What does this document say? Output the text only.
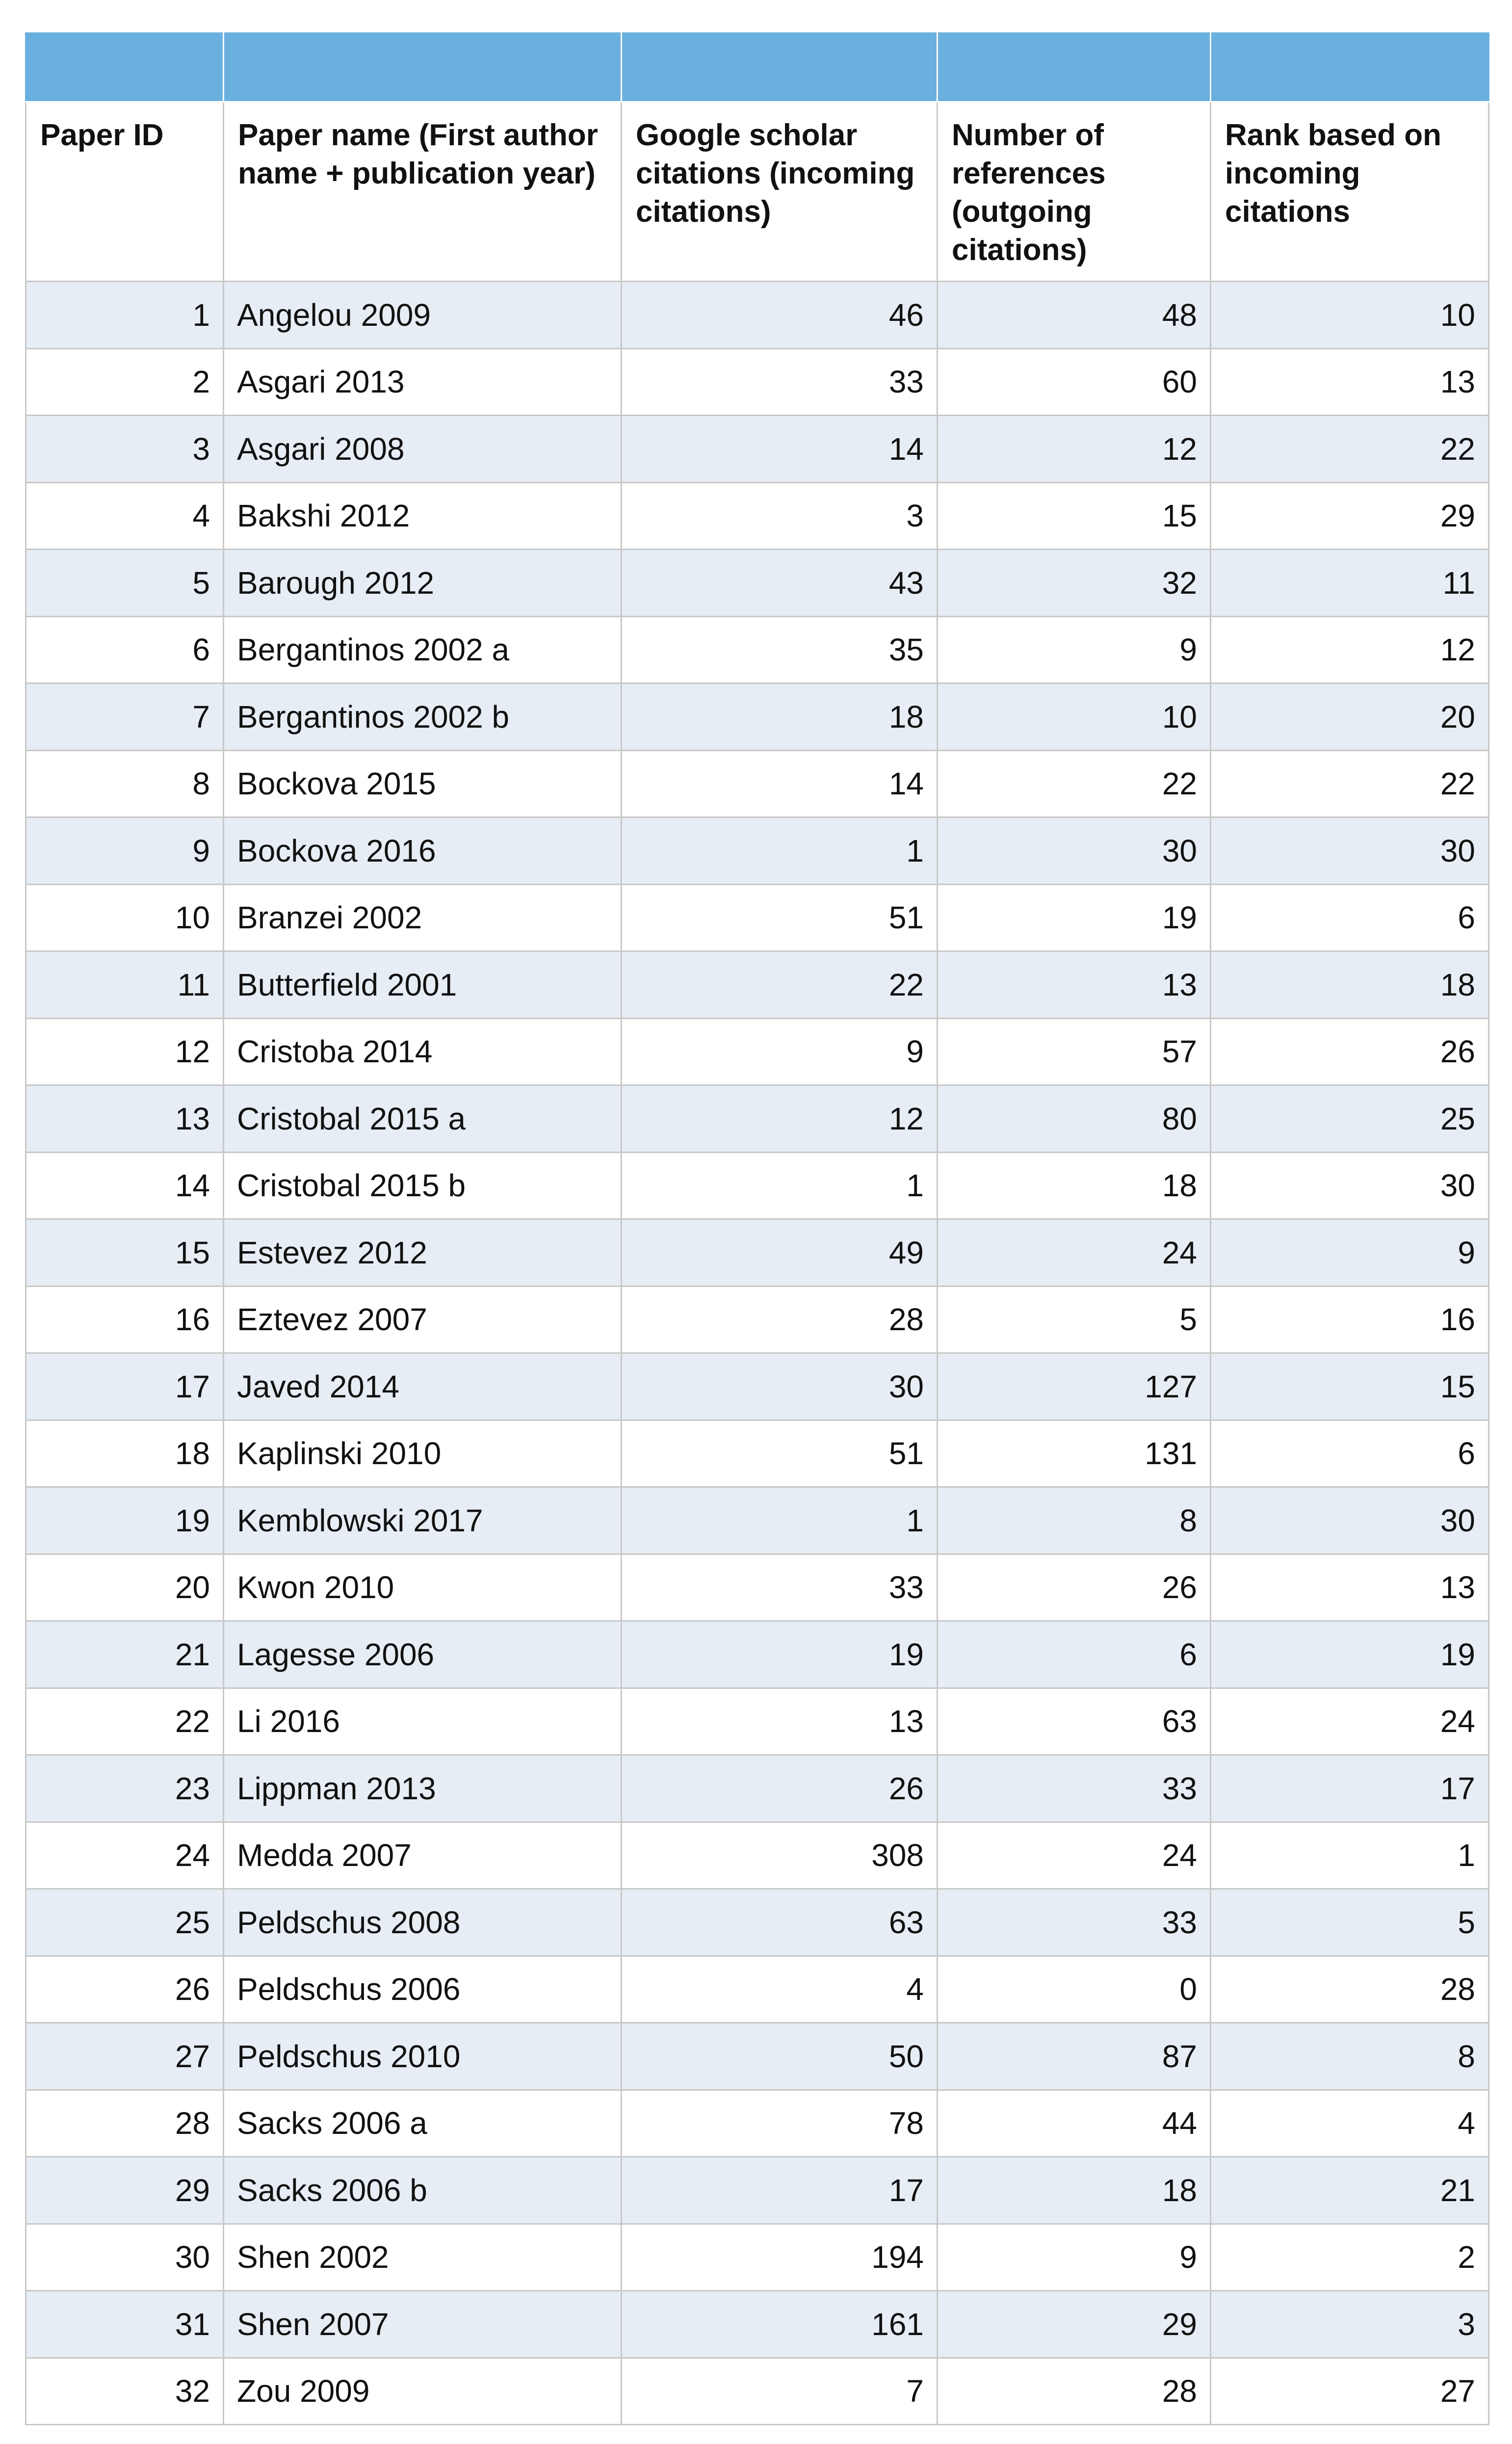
Paper ID	Paper name (First author name + publication year)	Google scholar citations (incoming citations)	Number of references (outgoing citations)	Rank based on incoming citations
1	Angelou 2009	46	48	10
2	Asgari 2013	33	60	13
3	Asgari 2008	14	12	22
4	Bakshi 2012	3	15	29
5	Barough 2012	43	32	11
6	Bergantinos 2002 a	35	9	12
7	Bergantinos 2002 b	18	10	20
8	Bockova 2015	14	22	22
9	Bockova 2016	1	30	30
10	Branzei 2002	51	19	6
11	Butterfield 2001	22	13	18
12	Cristoba 2014	9	57	26
13	Cristobal 2015 a	12	80	25
14	Cristobal 2015 b	1	18	30
15	Estevez 2012	49	24	9
16	Eztevez 2007	28	5	16
17	Javed 2014	30	127	15
18	Kaplinski 2010	51	131	6
19	Kemblowski 2017	1	8	30
20	Kwon 2010	33	26	13
21	Lagesse 2006	19	6	19
22	Li 2016	13	63	24
23	Lippman 2013	26	33	17
24	Medda 2007	308	24	1
25	Peldschus 2008	63	33	5
26	Peldschus 2006	4	0	28
27	Peldschus 2010	50	87	8
28	Sacks 2006 a	78	44	4
29	Sacks 2006 b	17	18	21
30	Shen 2002	194	9	2
31	Shen 2007	161	29	3
32	Zou 2009	7	28	27
